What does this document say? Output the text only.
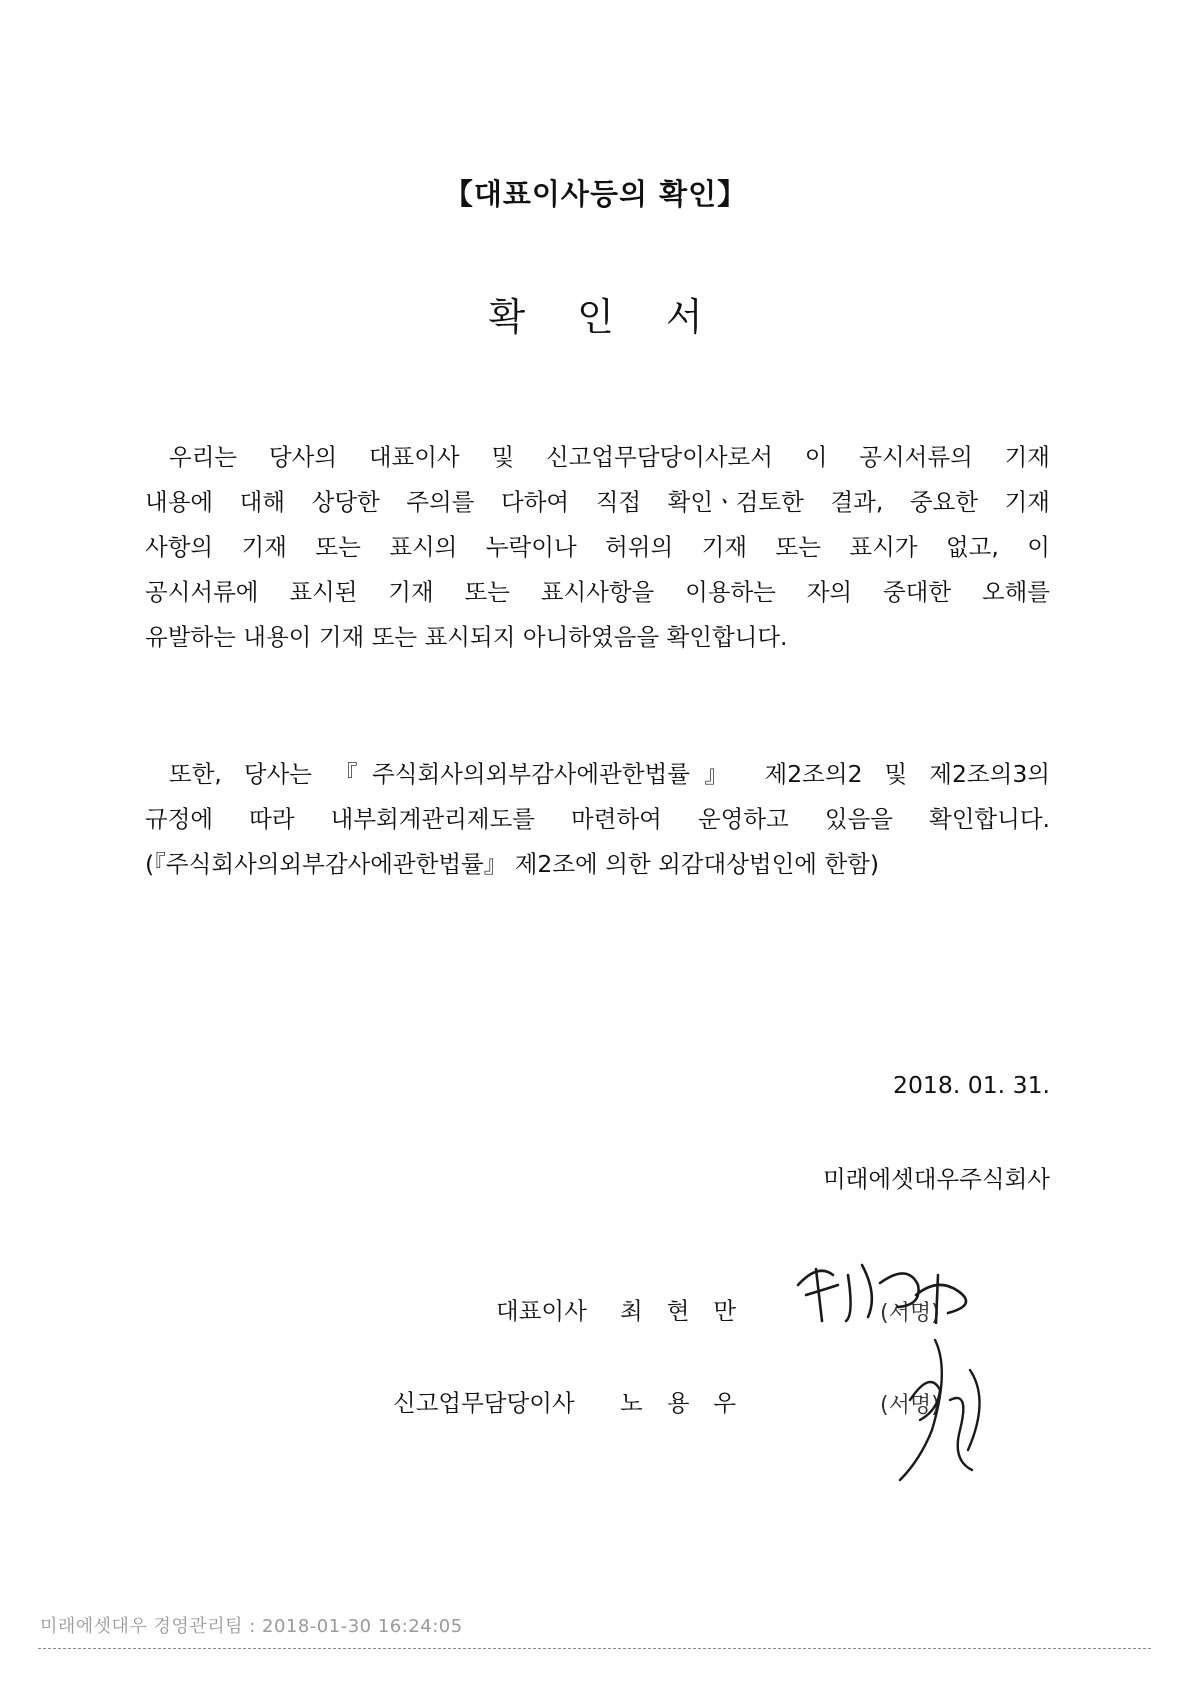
【대표이사등의 확인】
확인서
우리는 당사의 대표이사 및 신고업무담당이사로서 이 공시서류의 기재
내용에 대해 상당한 주의를 다하여 직접 확인ㆍ검토한 결과, 중요한 기재
사항의 기재 또는 표시의 누락이나 허위의 기재 또는 표시가 없고, 이
공시서류에 표시된 기재 또는 표시사항을 이용하는 자의 중대한 오해를
유발하는 내용이 기재 또는 표시되지 아니하였음을 확인합니다.
또한, 당사는 『주식회사의외부감사에관한법률』 제2조의2 및 제2조의3의
규정에 따라 내부회계관리제도를 마련하여 운영하고 있음을 확인합니다.
(『주식회사의외부감사에관한법률』 제2조에 의한 외감대상법인에 한함)
2018. 01. 31.
미래에셋대우주식회사
대표이사 최현만	(서명)
신고업무담당이사 노용우	(서명)
미래에셋대우 경영관리팀 : 2018-01-30 16:24:05
